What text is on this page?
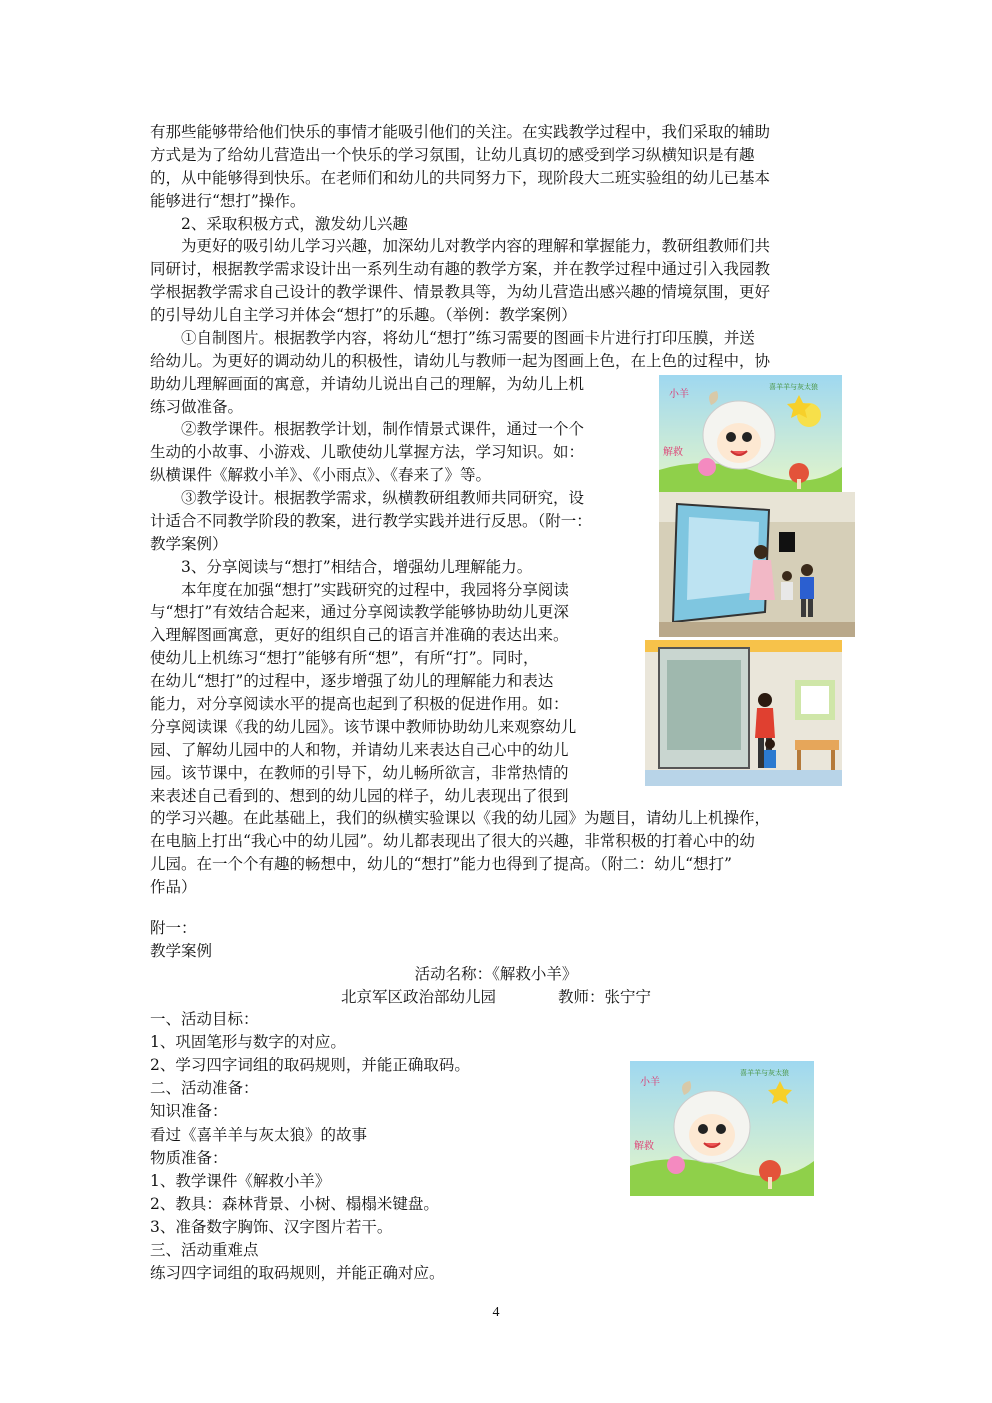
有那些能够带给他们快乐的事情才能吸引他们的关注。在实践教学过程中，我们采取的辅助
方式是为了给幼儿营造出一个快乐的学习氛围，让幼儿真切的感受到学习纵横知识是有趣
的，从中能够得到快乐。在老师们和幼儿的共同努力下，现阶段大二班实验组的幼儿已基本
能够进行“想打”操作。
　　2、采取积极方式，激发幼儿兴趣
　　为更好的吸引幼儿学习兴趣，加深幼儿对教学内容的理解和掌握能力，教研组教师们共
同研讨，根据教学需求设计出一系列生动有趣的教学方案，并在教学过程中通过引入我园教
学根据教学需求自己设计的教学课件、情景教具等，为幼儿营造出感兴趣的情境氛围，更好
的引导幼儿自主学习并体会“想打”的乐趣。（举例：教学案例）
　　①自制图片。根据教学内容，将幼儿“想打”练习需要的图画卡片进行打印压膜，并送
给幼儿。为更好的调动幼儿的积极性，请幼儿与教师一起为图画上色，在上色的过程中，协
助幼儿理解画面的寓意，并请幼儿说出自己的理解，为幼儿上机
练习做准备。
　　②教学课件。根据教学计划，制作情景式课件，通过一个个
生动的小故事、小游戏、儿歌使幼儿掌握方法，学习知识。如：
纵横课件《解救小羊》、《小雨点》、《春来了》等。
　　③教学设计。根据教学需求，纵横教研组教师共同研究，设
计适合不同教学阶段的教案，进行教学实践并进行反思。（附一：
教学案例）
　　3、分享阅读与“想打”相结合，增强幼儿理解能力。
　　本年度在加强“想打”实践研究的过程中，我园将分享阅读
与“想打”有效结合起来，通过分享阅读教学能够协助幼儿更深
入理解图画寓意，更好的组织自己的语言并准确的表达出来。
使幼儿上机练习“想打”能够有所“想”，有所“打”。同时，
在幼儿“想打”的过程中，逐步增强了幼儿的理解能力和表达
能力，对分享阅读水平的提高也起到了积极的促进作用。如：
分享阅读课《我的幼儿园》。该节课中教师协助幼儿来观察幼儿
园、了解幼儿园中的人和物，并请幼儿来表达自己心中的幼儿
园。该节课中，在教师的引导下，幼儿畅所欲言，非常热情的
来表述自己看到的、想到的幼儿园的样子，幼儿表现出了很到
的学习兴趣。在此基础上，我们的纵横实验课以《我的幼儿园》为题目，请幼儿上机操作，
在电脑上打出“我心中的幼儿园”。幼儿都表现出了很大的兴趣，非常积极的打着心中的幼
儿园。在一个个有趣的畅想中，幼儿的“想打”能力也得到了提高。（附二：幼儿“想打”
作品）
小羊
喜羊羊与灰太狼
解救
小羊
喜羊羊与灰太狼
解救
附一：
教学案例
活动名称：《解救小羊》
北京军区政治部幼儿园　　　　教师：张宁宁
一、活动目标：
1、巩固笔形与数字的对应。
2、学习四字词组的取码规则，并能正确取码。
二、活动准备：
知识准备：
看过《喜羊羊与灰太狼》的故事
物质准备：
1、教学课件《解救小羊》
2、教具：森林背景、小树、榻榻米键盘。
3、准备数字胸饰、汉字图片若干。
三、活动重难点
练习四字词组的取码规则，并能正确对应。
4
